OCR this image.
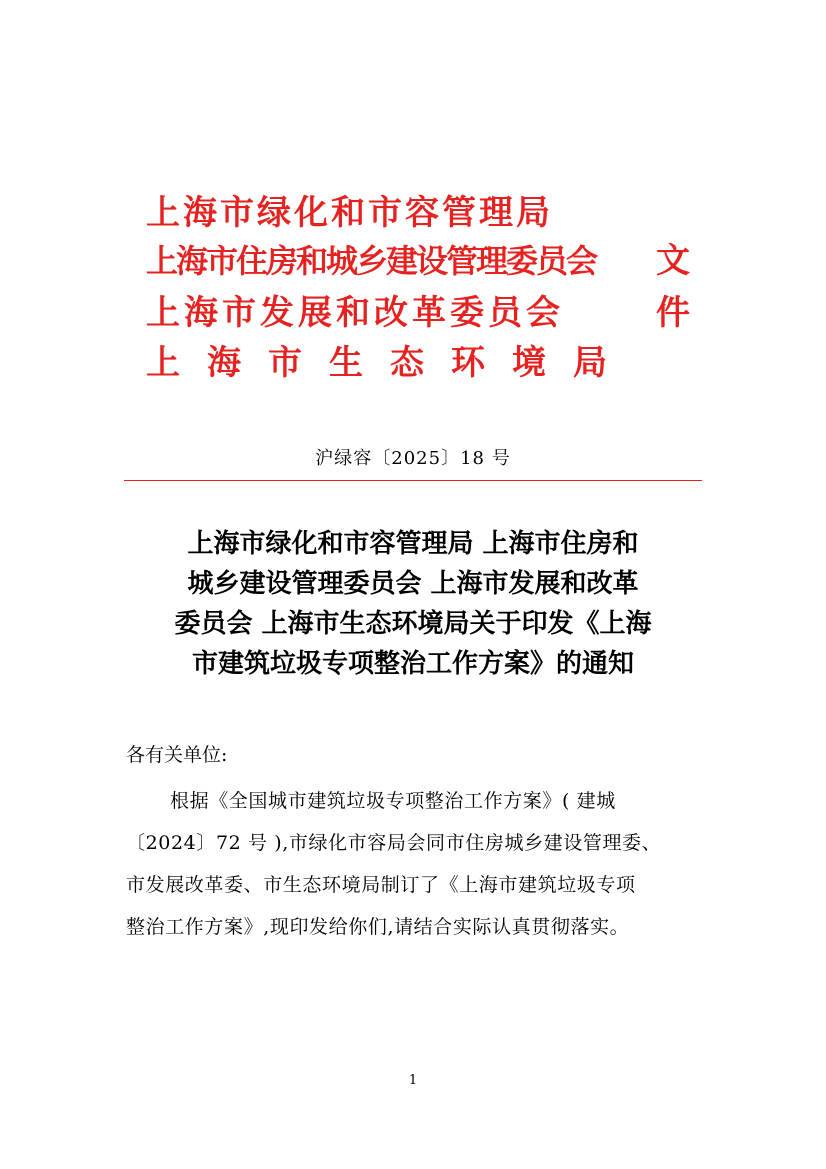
上海市绿化和市容管理局
上海市住房和城乡建设管理委员会
上海市发展和改革委员会
上海市生态环境局
文
件
沪绿容〔2025〕18 号
上海市绿化和市容管理局 上海市住房和
城乡建设管理委员会 上海市发展和改革
委员会 上海市生态环境局关于印发《上海
市建筑垃圾专项整治工作方案》的通知
各有关单位:
根据《全国城市建筑垃圾专项整治工作方案》( 建城
〔2024〕72 号 ),市绿化市容局会同市住房城乡建设管理委、
市发展改革委、市生态环境局制订了《上海市建筑垃圾专项
整治工作方案》,现印发给你们,请结合实际认真贯彻落实。
1
